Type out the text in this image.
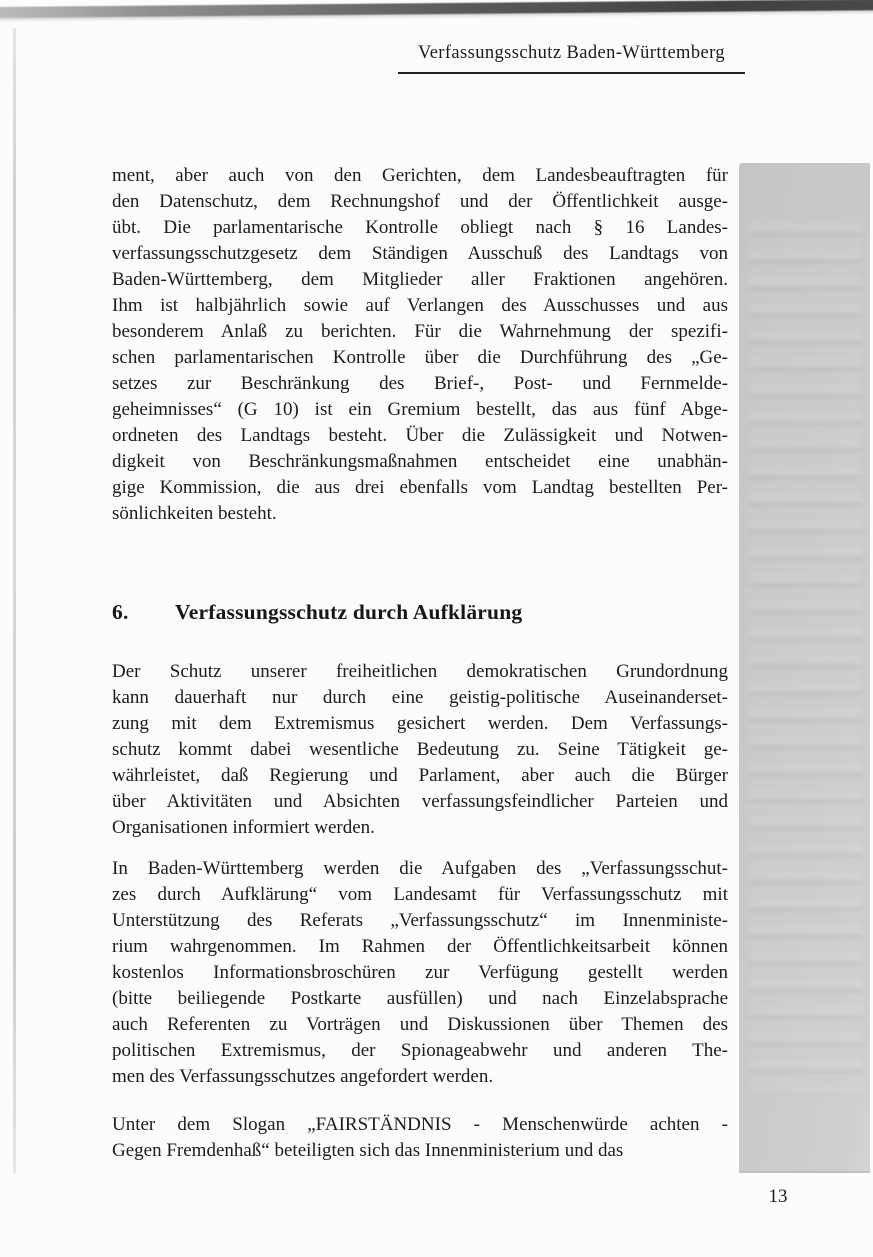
Verfassungsschutz Baden-Württemberg
ment, aber auch von den Gerichten, dem Landesbeauftragten für
den Datenschutz, dem Rechnungshof und der Öffentlichkeit ausge-
übt. Die parlamentarische Kontrolle obliegt nach § 16 Landes-
verfassungsschutzgesetz dem Ständigen Ausschuß des Landtags von
Baden-Württemberg, dem Mitglieder aller Fraktionen angehören.
Ihm ist halbjährlich sowie auf Verlangen des Ausschusses und aus
besonderem Anlaß zu berichten. Für die Wahrnehmung der spezifi-
schen parlamentarischen Kontrolle über die Durchführung des „Ge-
setzes zur Beschränkung des Brief-, Post- und Fernmelde-
geheimnisses“ (G 10) ist ein Gremium bestellt, das aus fünf Abge-
ordneten des Landtags besteht. Über die Zulässigkeit und Notwen-
digkeit von Beschränkungsmaßnahmen entscheidet eine unabhän-
gige Kommission, die aus drei ebenfalls vom Landtag bestellten Per-
sönlichkeiten besteht.
6.	Verfassungsschutz durch Aufklärung
Der Schutz unserer freiheitlichen demokratischen Grundordnung
kann dauerhaft nur durch eine geistig-politische Auseinanderset-
zung mit dem Extremismus gesichert werden. Dem Verfassungs-
schutz kommt dabei wesentliche Bedeutung zu. Seine Tätigkeit ge-
währleistet, daß Regierung und Parlament, aber auch die Bürger
über Aktivitäten und Absichten verfassungsfeindlicher Parteien und
Organisationen informiert werden.
In Baden-Württemberg werden die Aufgaben des „Verfassungsschut-
zes durch Aufklärung“ vom Landesamt für Verfassungsschutz mit
Unterstützung des Referats „Verfassungsschutz“ im Innenministe-
rium wahrgenommen. Im Rahmen der Öffentlichkeitsarbeit können
kostenlos Informationsbroschüren zur Verfügung gestellt werden
(bitte beiliegende Postkarte ausfüllen) und nach Einzelabsprache
auch Referenten zu Vorträgen und Diskussionen über Themen des
politischen Extremismus, der Spionageabwehr und anderen The-
men des Verfassungsschutzes angefordert werden.
Unter dem Slogan „FAIRSTÄNDNIS - Menschenwürde achten -
Gegen Fremdenhaß“ beteiligten sich das Innenministerium und das
13
